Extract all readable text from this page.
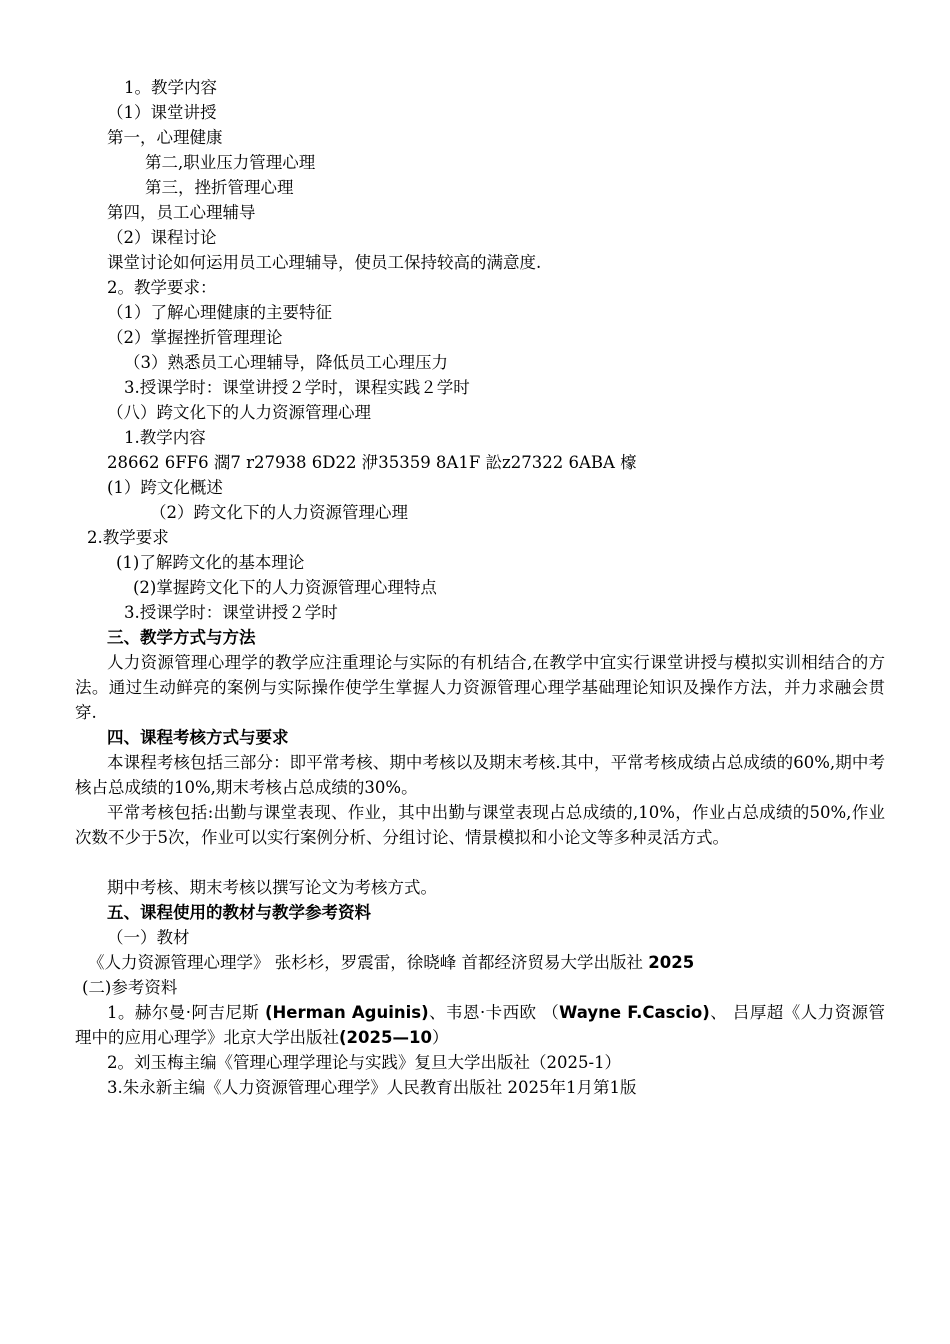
1。教学内容
（1）课堂讲授
第一，心理健康
第二,职业压力管理心理
第三，挫折管理心理
第四，员工心理辅导
（2）课程讨论
课堂讨论如何运用员工心理辅导，使员工保持较高的满意度.
2。教学要求：
（1）了解心理健康的主要特征
（2）掌握挫折管理理论
（3）熟悉员工心理辅导，降低员工心理压力
3.授课学时：课堂讲授２学时，课程实践２学时
（八）跨文化下的人力资源管理心理
1.教学内容
28662 6FF6 濶7 r27938 6D22 洢35359 8A1F 訟z27322 6ABA 檺
(1）跨文化概述
（2）跨文化下的人力资源管理心理
2.教学要求
(1)了解跨文化的基本理论
(2)掌握跨文化下的人力资源管理心理特点
3.授课学时：课堂讲授２学时
三、教学方式与方法

人力资源管理心理学的教学应注重理论与实际的有机结合,在教学中宜实行课堂讲授与模拟实训相结合的方法。通过生动鲜亮的案例与实际操作使学生掌握人力资源管理心理学基础理论知识及操作方法，并力求融会贯穿.

四、课程考核方式与要求

本课程考核包括三部分：即平常考核、期中考核以及期末考核.其中，平常考核成绩占总成绩的60%,期中考核占总成绩的10%,期末考核占总成绩的30%。

平常考核包括:出勤与课堂表现、作业，其中出勤与课堂表现占总成绩的,10%，作业占总成绩的50%,作业次数不少于5次，作业可以实行案例分析、分组讨论、情景模拟和小论文等多种灵活方式。

期中考核、期末考核以撰写论文为考核方式。
五、课程使用的教材与教学参考资料
（一）教材
《人力资源管理心理学》 张杉杉，罗震雷，徐晓峰 首都经济贸易大学出版社 2025
(二)参考资料

1。赫尔曼·阿吉尼斯 (Herman Aguinis)、韦恩·卡西欧 （Wayne F.Cascio)、 吕厚超《人力资源管理中的应用心理学》北京大学出版社(2025—10）

2。刘玉梅主编《管理心理学理论与实践》复旦大学出版社（2025-1）
3.朱永新主编《人力资源管理心理学》人民教育出版社 2025年1月第1版
